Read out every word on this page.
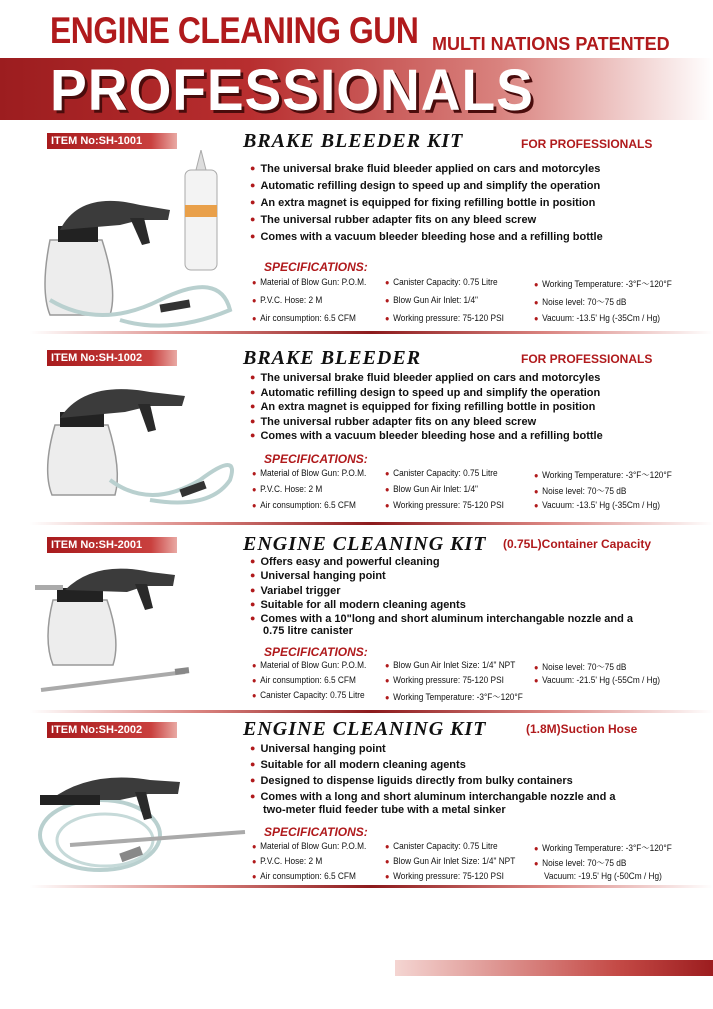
ENGINE CLEANING GUN MULTI NATIONS PATENTED
PROFESSIONALS
ITEM No:SH-1001	BRAKE BLEEDER KIT	FOR PROFESSIONALS
● The universal brake fluid bleeder applied on cars and motorcyles
● Automatic refilling design to speed up and simplify the operation
● An extra magnet is equipped for fixing refilling bottle in position
● The universal rubber adapter fits on any bleed screw
● Comes with a vacuum bleeder bleeding hose and a refilling bottle
SPECIFICATIONS:
● Material of Blow Gun: P.O.M.	● Canister Capacity: 0.75 Litre	● Working Temperature: -3°F～120°F
● P.V.C. Hose: 2 M	● Blow Gun Air Inlet: 1/4"	● Noise level: 70～75 dB
● Air consumption: 6.5 CFM	● Working pressure: 75-120 PSI	● Vacuum: -13.5' Hg (-35Cm / Hg)
ITEM No:SH-1002	BRAKE BLEEDER	FOR PROFESSIONALS
● The universal brake fluid bleeder applied on cars and motorcyles
● Automatic refilling design to speed up and simplify the operation
● An extra magnet is equipped for fixing refilling bottle in position
● The universal rubber adapter fits on any bleed screw
● Comes with a vacuum bleeder bleeding hose and a refilling bottle
SPECIFICATIONS:
● Material of Blow Gun: P.O.M.	● Canister Capacity: 0.75 Litre	● Working Temperature: -3°F～120°F
● P.V.C. Hose: 2 M	● Blow Gun Air Inlet: 1/4"	● Noise level: 70～75 dB
● Air consumption: 6.5 CFM	● Working pressure: 75-120 PSI	● Vacuum: -13.5' Hg (-35Cm / Hg)
ITEM No:SH-2001	ENGINE CLEANING KIT (0.75L)Container Capacity
● Offers easy and powerful cleaning
● Universal hanging point
● Variabel trigger
● Suitable for all modern cleaning agents
● Comes with a 10"long and short aluminum interchangable nozzle and a
0.75 litre canister
SPECIFICATIONS:
● Material of Blow Gun: P.O.M.	● Blow Gun Air Inlet Size: 1/4" NPT	● Noise level: 70～75 dB
● Air consumption: 6.5 CFM	● Working pressure: 75-120 PSI	● Vacuum: -21.5' Hg (-55Cm / Hg)
● Canister Capacity: 0.75 Litre	● Working Temperature: -3°F～120°F
ITEM No:SH-2002	ENGINE CLEANING KIT	(1.8M)Suction Hose
● Universal hanging point
● Suitable for all modern cleaning agents
● Designed to dispense liguids directly from bulky containers
● Comes with a long and short aluminum interchangable nozzle and a
two-meter fluid feeder tube with a metal sinker
SPECIFICATIONS:
● Material of Blow Gun: P.O.M.	● Canister Capacity: 0.75 Litre	● Working Temperature: -3°F～120°F
● P.V.C. Hose: 2 M	● Blow Gun Air Inlet Size: 1/4" NPT	● Noise level: 70～75 dB
● Air consumption: 6.5 CFM	● Working pressure: 75-120 PSI	Vacuum: -19.5' Hg (-50Cm / Hg)
